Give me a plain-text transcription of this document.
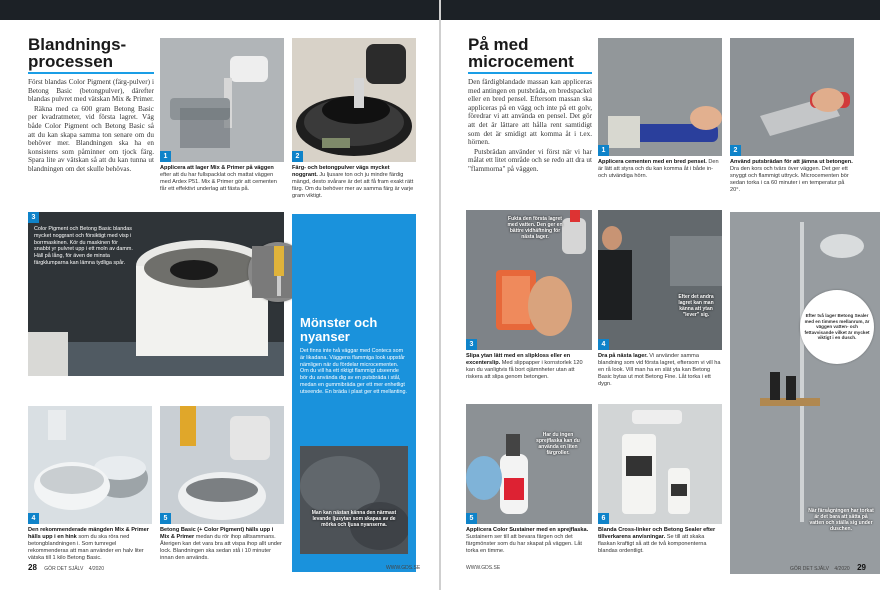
Blandnings-
processen

Först blandas Color Pigment (färg-pulver) i Betong Basic (betongpulver), därefter blandas pulvret med vätskan Mix & Primer.

Räkna med ca 600 gram Betong Basic per kvadratmeter, vid första lagret. Väg både Color Pigment och Betong Basic så att du kan skapa samma ton senare om du behöver mer. Blandningen ska ha en konsistens som påminner om tjock färg. Spara lite av vätskan så att du kan tunna ut blandningen om det skulle behövas.

1
Applicera att lager Mix & Primer på väggen efter att du har fullspacklat och mattat väggen med Ardex P51. Mix & Primer gör att cementen får ett effektivt underlag att fästa på.
2
Färg- och betongpulver vägs mycket noggrant. Ju ljusare ton och ju mindre färdig mängd, desto svårare är det att få fram exakt rätt färg. Om du behöver mer av samma färg är varje gram viktigt.
3
Color Pigment och Betong Basic blandas mycket noggrant och försiktigt med visp i borrmaskinen. Kör du maskinen för snabbt yr pulvret upp i ett moln av damm. Häll på lång, för även de minsta färgklumparna kan lämna tydliga spår.
4
Den rekommenderade mängden Mix & Primer hälls upp i en hink som du ska röra ned betongblandningen i. Som tumregel rekommenderas att man använder en halv liter vätska till 1 kilo Betong Basic.
5
Betong Basic (+ Color Pigment) hälls upp i Mix & Primer medan du rör ihop alltsammans. Återigen kan det vara bra att vispa ihop allt under lock. Blandningen ska sedan stå i 10 minuter innan den används.
Mönster och
nyanser
Det finns inte två väggar med Contecs som är likadana. Väggens flammiga look uppstår nämligen när du fördelar microcementen. Om du vill ha ett riktigt flammigt utseende bör du använda dig av en putsbräda i stål, medan en gummibräda ger ett mer enhetligt utseende. En bräda i plast ger ett mellanting.
Man kan nästan känna den närmast levande ljusytan som skapas av de mörka och ljusa nyanserna.
28 GÖR DET SJÄLV 4/2020	WWW.GDS.SE
På med
microcement

Den färdigblandade massan kan appliceras med antingen en putsbräda, en bredspackel eller en bred pensel. Eftersom massan ska appliceras på en vägg och inte på ett golv, föredrar vi att använda en pensel. Det gör att det är lättare att hålla rent samtidigt som det är smidigt att komma åt i t.ex. hörnen.

Putsbrädan använder vi först när vi har målat ett litet område och se redo att dra ut "flammorna" på väggen.

1
Applicera cementen med en bred pensel. Den är lätt att styra och du kan komma åt i både in- och utvändiga hörn.
2
Använd putsbrädan för att jämna ut betongen. Dra den kors och tvärs över väggen. Det ger ett snyggt och flammigt uttryck. Microcementen bör sedan torka i ca 60 minuter i en temperatur på 20°.
Fukta den första lagret med vatten. Den ger en bättre vidhäftning för nästa lager.
3
Slipa ytan lätt med en slipkloss eller en excenterslip. Med slippapper i kornstorlek 120 kan du vanligtvis få bort ojämnheter utan att riskera att slipa genom betongen.
Efter det andra lagret kan man känna att ytan "lever" sig.
4
Dra på nästa lager. Vi använder samma blandning som vid första lagret, eftersom vi vill ha en rå look. Vill man ha en slät yta kan Betong Basic bytas ut mot Betong Fine. Låt torka i ett dygn.
Har du ingen sprejflaska kan du använda en liten färgroller.
5
Applicera Color Sustainer med en sprejflaska. Sustainern ser till att bevara färgen och det färgmönster som du har skapat på väggen. Låt torka en timme.
6
Blanda Cross-linker och Betong Sealer efter tillverkarens anvisningar. Se till att skaka flaskan kraftigt så att de två komponenterna blandas ordentligt.
När färsågningen har torkat är det bara att sätta på vatten och ställa sig under duschen.
Efter två lager Betong Sealer med en timmes mellanrum, är väggen vatten- och fettavvisande vilket är mycket viktigt i en dusch.
WWW.GDS.SE	GÖR DET SJÄLV 4/2020 29
